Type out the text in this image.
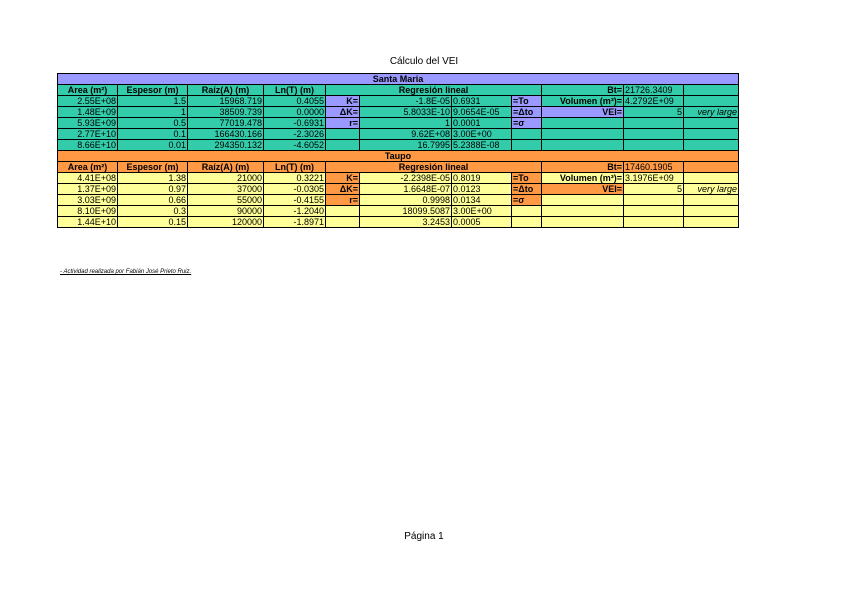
Cálculo del VEI
Santa Maria										
Area (m²)	Espesor (m)	Raíz(A) (m)	Ln(T) (m)	Regresión lineal				Bt=	21726.3409	
2.55E+08	1.5	15968.719	0.4055	K=	-1.8E-05	0.6931	=To	Volumen (m³)=	4.2792E+09	
1.48E+09	1	38509.739	0.0000	ΔK=	5.8033E-10	9.0654E-05	=Δto	VEI=	5	very large
5.93E+09	0.5	77019.478	-0.6931	r=	1	0.0001	=σ			
2.77E+10	0.1	166430.166	-2.3026		9.62E+08	3.00E+00				
8.66E+10	0.01	294350.132	-4.6052		16.7995	5.2388E-08				
Taupo										
Area (m²)	Espesor (m)	Raíz(A) (m)	Ln(T) (m)	Regresión lineal				Bt=	17460.1905	
4.41E+08	1.38	21000	0.3221	K=	-2.2398E-05	0.8019	=To	Volumen (m³)=	3.1976E+09	
1.37E+09	0.97	37000	-0.0305	ΔK=	1.6648E-07	0.0123	=Δto	VEI=	5	very large
3.03E+09	0.66	55000	-0.4155	r=	0.9998	0.0134	=σ			
8.10E+09	0.3	90000	-1.2040		18099.5087	3.00E+00				
1.44E+10	0.15	120000	-1.8971		3.2453	0.0005				
- Actividad realizada por Fabián José Prieto Ruiz.
Página 1
